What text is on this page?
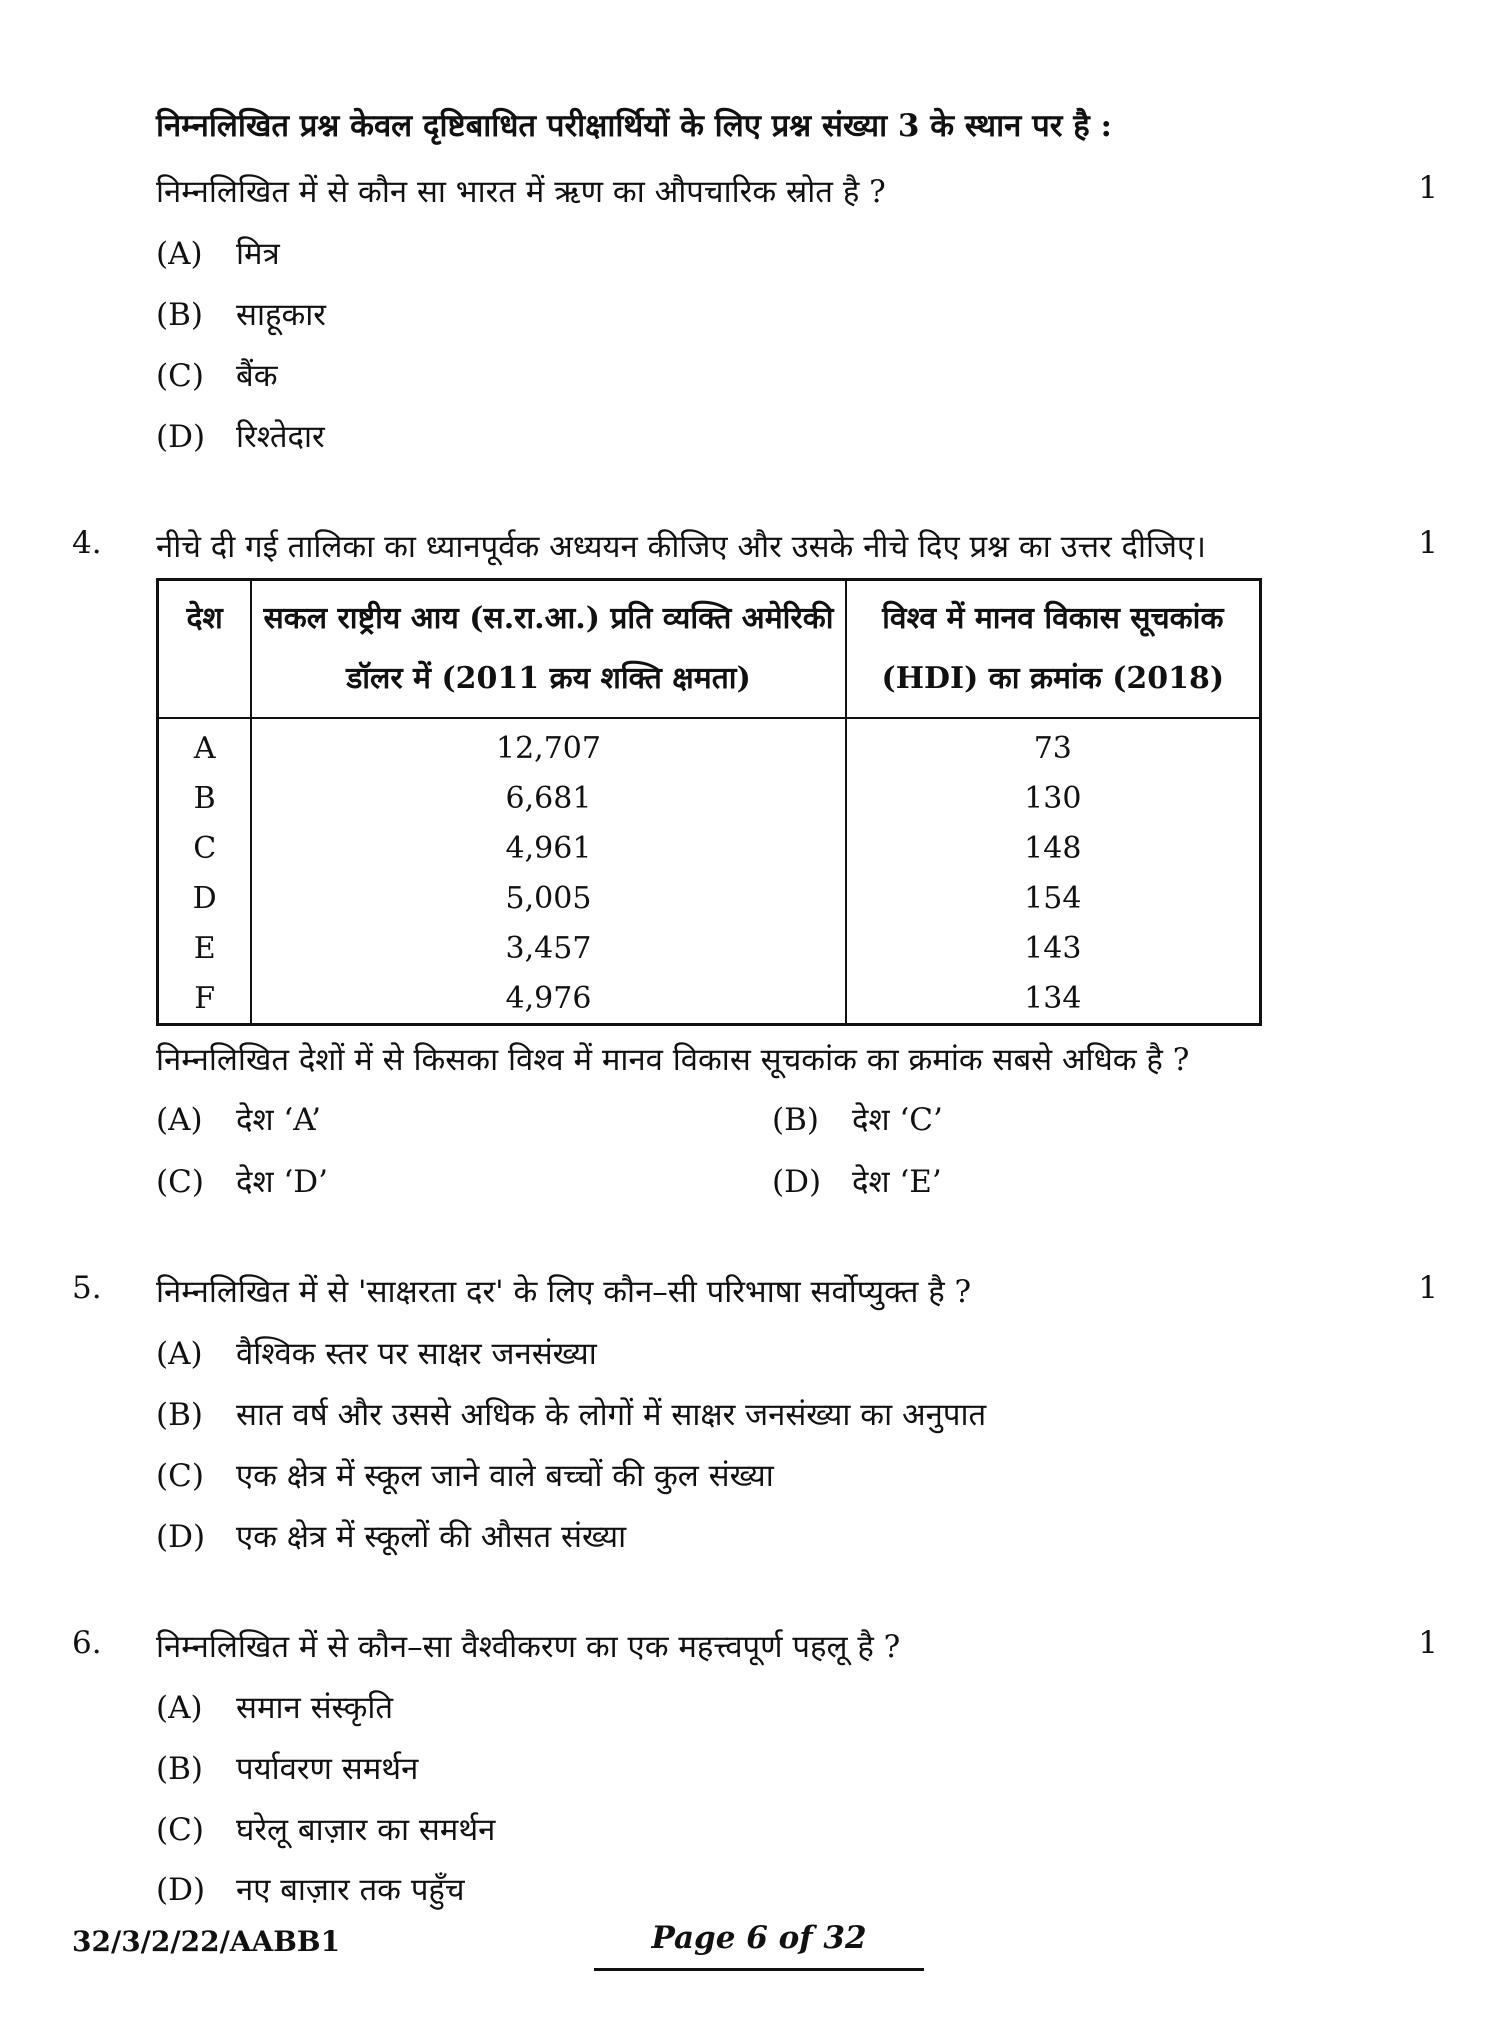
निम्नलिखित प्रश्न केवल दृष्टिबाधित परीक्षार्थियों के लिए प्रश्न संख्या 3 के स्थान पर है :
निम्नलिखित में से कौन सा भारत में ऋण का औपचारिक स्रोत है ?	1
(A) मित्र
(B) साहूकार
(C) बैंक
(D) रिश्तेदार
4. नीचे दी गई तालिका का ध्यानपूर्वक अध्ययन कीजिए और उसके नीचे दिए प्रश्न का उत्तर दीजिए।	1
देश	सकल राष्ट्रीय आय (स.रा.आ.) प्रति व्यक्ति अमेरिकी डॉलर में (2011 क्रय शक्ति क्षमता)	विश्व में मानव विकास सूचकांक (HDI) का क्रमांक (2018)
A	12,707	73
B	6,681	130
C	4,961	148
D	5,005	154
E	3,457	143
F	4,976	134
निम्नलिखित देशों में से किसका विश्व में मानव विकास सूचकांक का क्रमांक सबसे अधिक है ?
(A) देश ‘A’	(B) देश ‘C’
(C) देश ‘D’	(D) देश ‘E’
5. निम्नलिखित में से 'साक्षरता दर' के लिए कौन–सी परिभाषा सर्वोप्युक्त है ?	1
(A) वैश्विक स्तर पर साक्षर जनसंख्या
(B) सात वर्ष और उससे अधिक के लोगों में साक्षर जनसंख्या का अनुपात
(C) एक क्षेत्र में स्कूल जाने वाले बच्चों की कुल संख्या
(D) एक क्षेत्र में स्कूलों की औसत संख्या
6. निम्नलिखित में से कौन–सा वैश्वीकरण का एक महत्त्वपूर्ण पहलू है ?	1
(A) समान संस्कृति
(B) पर्यावरण समर्थन
(C) घरेलू बाज़ार का समर्थन
(D) नए बाज़ार तक पहुँच
32/3/2/22/AABB1	Page 6 of 32
